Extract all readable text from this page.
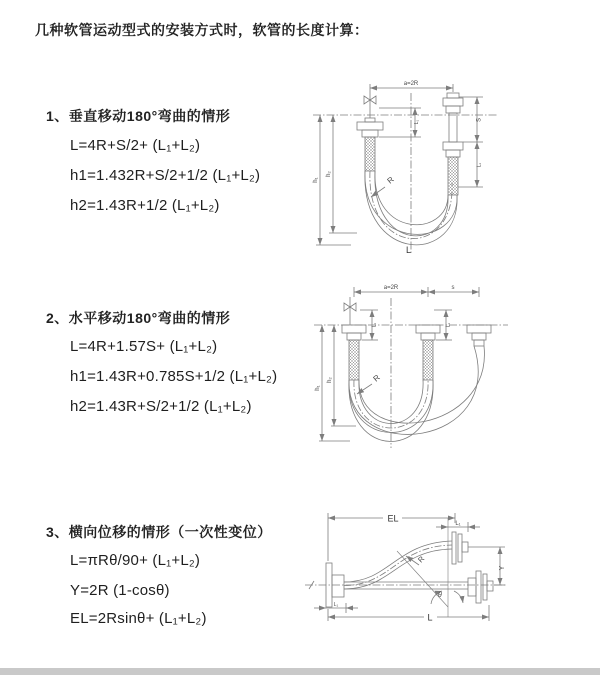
几种软管运动型式的安装方式时，软管的长度计算：
1、垂直移动180°弯曲的情形
L=4R+S/2+ (L₁+L₂)
h1=1.432R+S/2+1/2 (L₁+L₂)
h2=1.43R+1/2 (L₁+L₂)
2、水平移动180°弯曲的情形
L=4R+1.57S+ (L₁+L₂)
h1=1.43R+0.785S+1/2 (L₁+L₂)
h2=1.43R+S/2+1/2 (L₁+L₂)
3、横向位移的情形（一次性变位）
L=πRθ/90+ (L₁+L₂)
Y=2R (1-cosθ)
EL=2Rsinθ+ (L₁+L₂)
a=2R
S
L₁
L₁
h₁
h₂
R
L
a=2R	s
L₁	L₁
h₁
h₂	R
EL
L₁
Y
R
θ
L
L₁
